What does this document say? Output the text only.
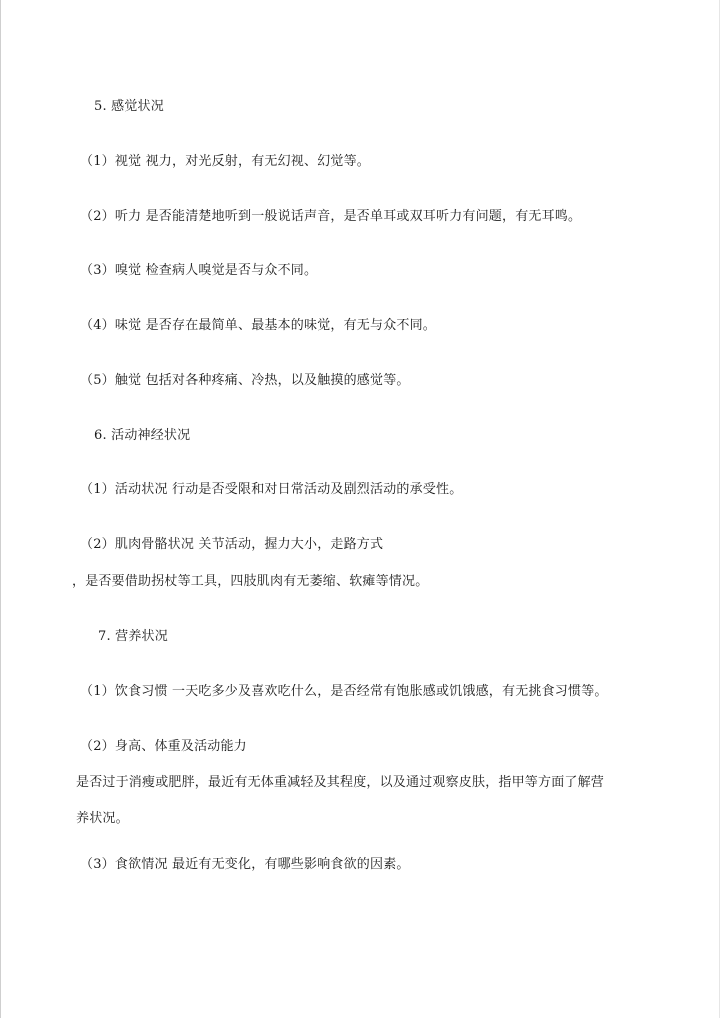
5. 感觉状况
（1）视觉 视力，对光反射，有无幻视、幻觉等。
（2）听力 是否能清楚地听到一般说话声音，是否单耳或双耳听力有问题，有无耳鸣。
（3）嗅觉 检查病人嗅觉是否与众不同。
（4）味觉 是否存在最简单、最基本的味觉，有无与众不同。
（5）触觉 包括对各种疼痛、冷热，以及触摸的感觉等。
6. 活动神经状况
（1）活动状况 行动是否受限和对日常活动及剧烈活动的承受性。
（2）肌肉骨骼状况 关节活动，握力大小，走路方式
，是否要借助拐杖等工具，四肢肌肉有无萎缩、软瘫等情况。
7. 营养状况
（1）饮食习惯 一天吃多少及喜欢吃什么，是否经常有饱胀感或饥饿感，有无挑食习惯等。
（2）身高、体重及活动能力
是否过于消瘦或肥胖，最近有无体重减轻及其程度，以及通过观察皮肤，指甲等方面了解营
养状况。
（3）食欲情况 最近有无变化，有哪些影响食欲的因素。
